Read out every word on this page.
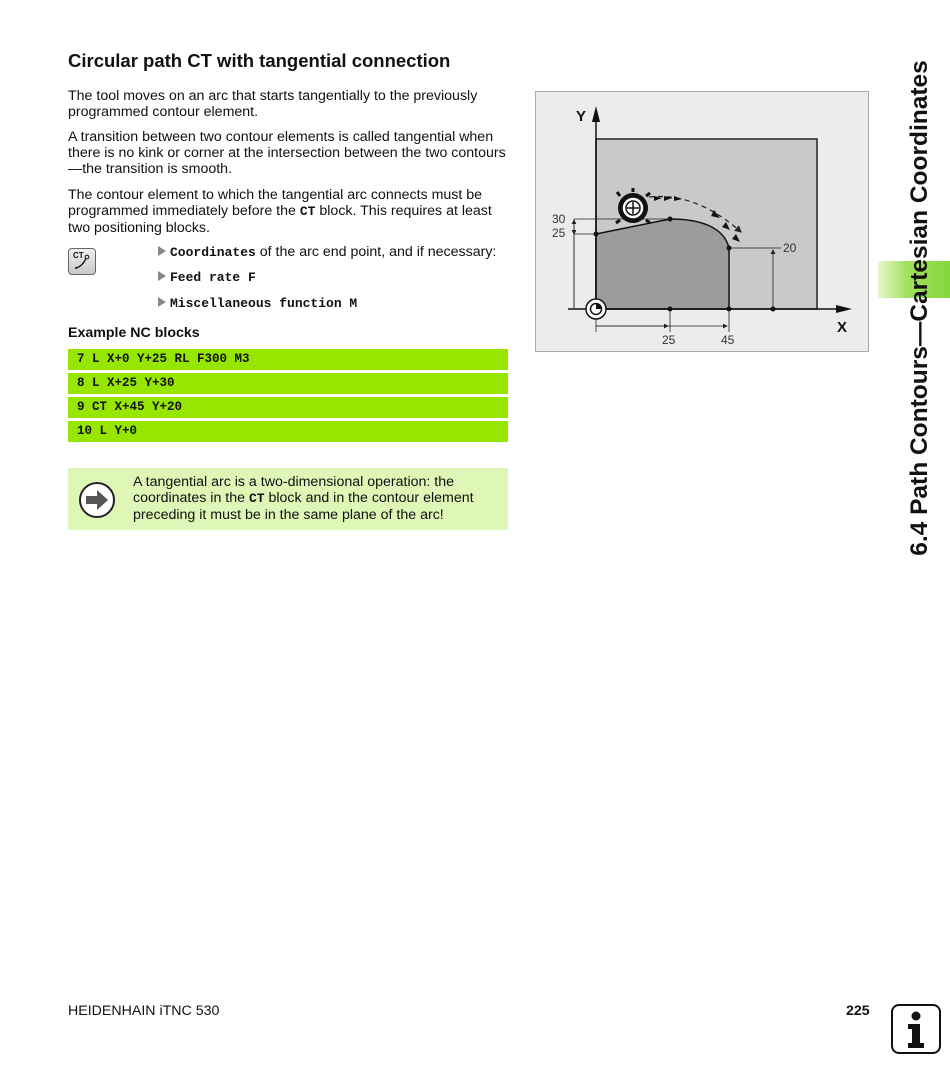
Circular path CT with tangential connection
The tool moves on an arc that starts tangentially to the previously programmed contour element.
A transition between two contour elements is called tangential when there is no kink or corner at the intersection between the two contours—the transition is smooth.
The contour element to which the tangential arc connects must be programmed immediately before the CT block. This requires at least two positioning blocks.
CT	Coordinates of the arc end point, and if necessary:
Feed rate F
Miscellaneous function M
Example NC blocks
7 L X+0 Y+25 RL F300 M3
8 L X+25 Y+30
9 CT X+45 Y+20
10 L Y+0
A tangential arc is a two-dimensional operation: the coordinates in the CT block and in the contour element preceding it must be in the same plane of the arc!
Y
X
30
25
20
25	45	6.4 Path Contours—Cartesian Coordinates
HEIDENHAIN iTNC 530	225
